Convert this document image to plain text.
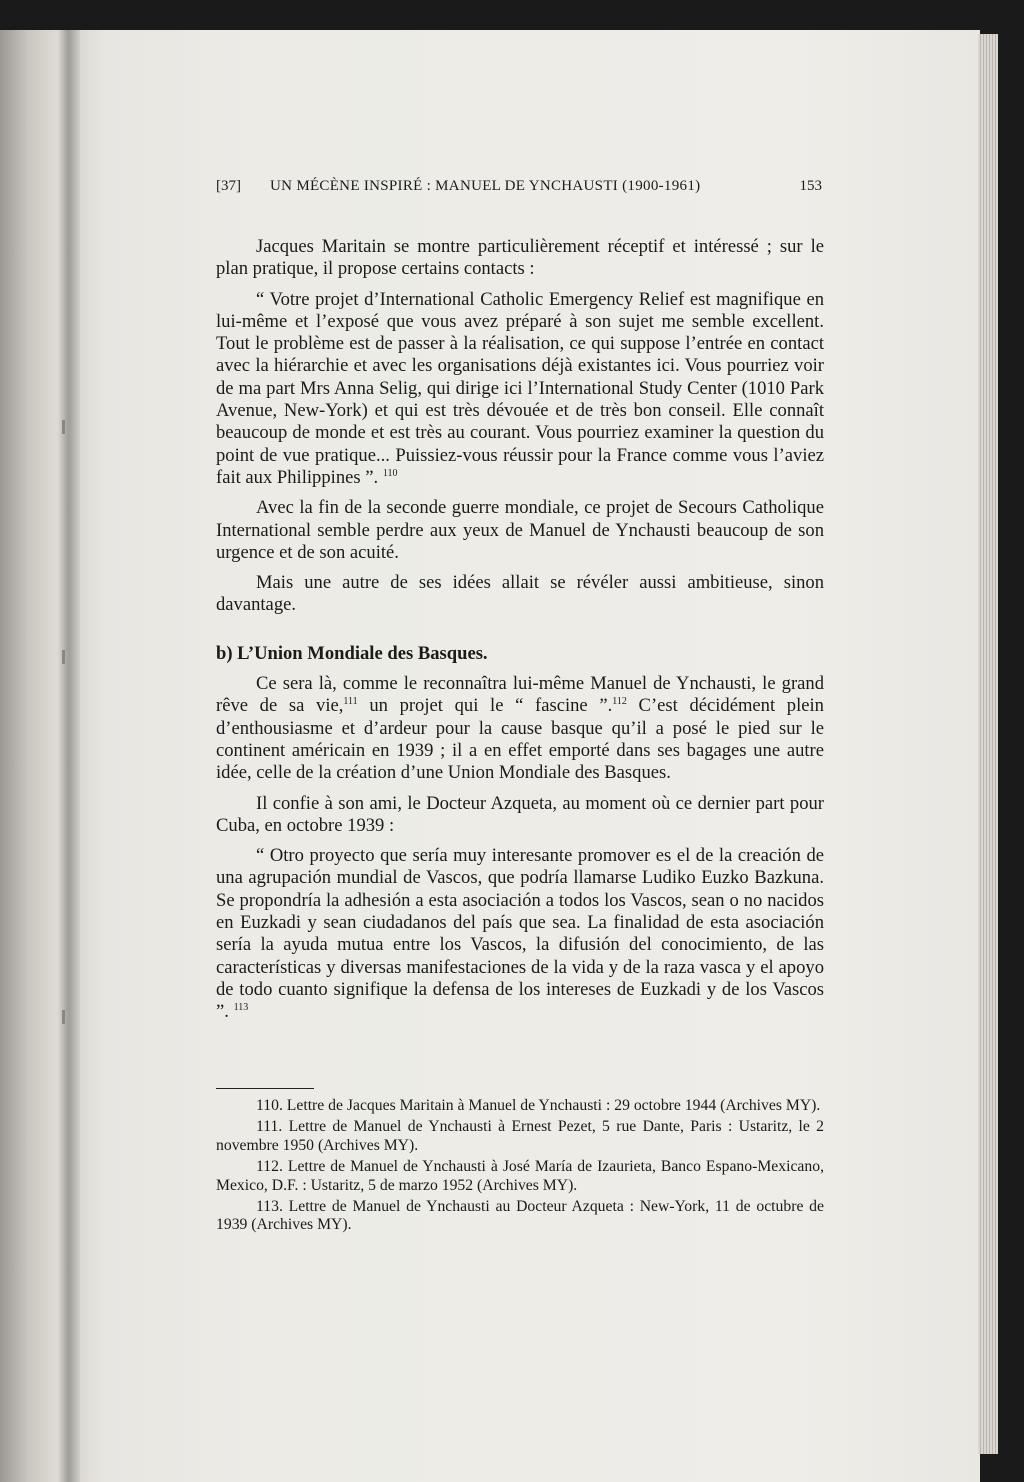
[37] UN MÉCÈNE INSPIRÉ : MANUEL DE YNCHAUSTI (1900-1961)	153

Jacques Maritain se montre particulièrement réceptif et intéressé ; sur le plan pratique, il propose certains contacts :

“ Votre projet d’International Catholic Emergency Relief est magnifique en lui-même et l’exposé que vous avez préparé à son sujet me semble excellent. Tout le problème est de passer à la réalisation, ce qui suppose l’entrée en contact avec la hiérarchie et avec les organisations déjà existantes ici. Vous pourriez voir de ma part Mrs Anna Selig, qui dirige ici l’International Study Center (1010 Park Avenue, New-York) et qui est très dévouée et de très bon conseil. Elle connaît beaucoup de monde et est très au courant. Vous pourriez examiner la question du point de vue pratique... Puissiez-vous réussir pour la France comme vous l’aviez fait aux Philippines ”. $^{110}$

Avec la fin de la seconde guerre mondiale, ce projet de Secours Catholique International semble perdre aux yeux de Manuel de Ynchausti beaucoup de son urgence et de son acuité.

Mais une autre de ses idées allait se révéler aussi ambitieuse, sinon davantage.

b) L’Union Mondiale des Basques.

Ce sera là, comme le reconnaîtra lui-même Manuel de Ynchausti, le grand rêve de sa vie,$^{111}$ un projet qui le “ fascine ”.$^{112}$ C’est décidément plein d’enthousiasme et d’ardeur pour la cause basque qu’il a posé le pied sur le continent américain en 1939 ; il a en effet emporté dans ses bagages une autre idée, celle de la création d’une Union Mondiale des Basques.

Il confie à son ami, le Docteur Azqueta, au moment où ce dernier part pour Cuba, en octobre 1939 :

“ Otro proyecto que sería muy interesante promover es el de la creación de una agrupación mundial de Vascos, que podría llamarse Ludiko Euzko Bazkuna. Se propondría la adhesión a esta asociación a todos los Vascos, sean o no nacidos en Euzkadi y sean ciudadanos del país que sea. La finalidad de esta asociación sería la ayuda mutua entre los Vascos, la difusión del conocimiento, de las características y diversas manifestaciones de la vida y de la raza vasca y el apoyo de todo cuanto signifique la defensa de los intereses de Euzkadi y de los Vascos ”. $^{113}$

110. Lettre de Jacques Maritain à Manuel de Ynchausti : 29 octobre 1944 (Archives MY).

111. Lettre de Manuel de Ynchausti à Ernest Pezet, 5 rue Dante, Paris : Ustaritz, le 2 novembre 1950 (Archives MY).

112. Lettre de Manuel de Ynchausti à José María de Izaurieta, Banco Espano-Mexicano, Mexico, D.F. : Ustaritz, 5 de marzo 1952 (Archives MY).

113. Lettre de Manuel de Ynchausti au Docteur Azqueta : New-York, 11 de octubre de 1939 (Archives MY).
